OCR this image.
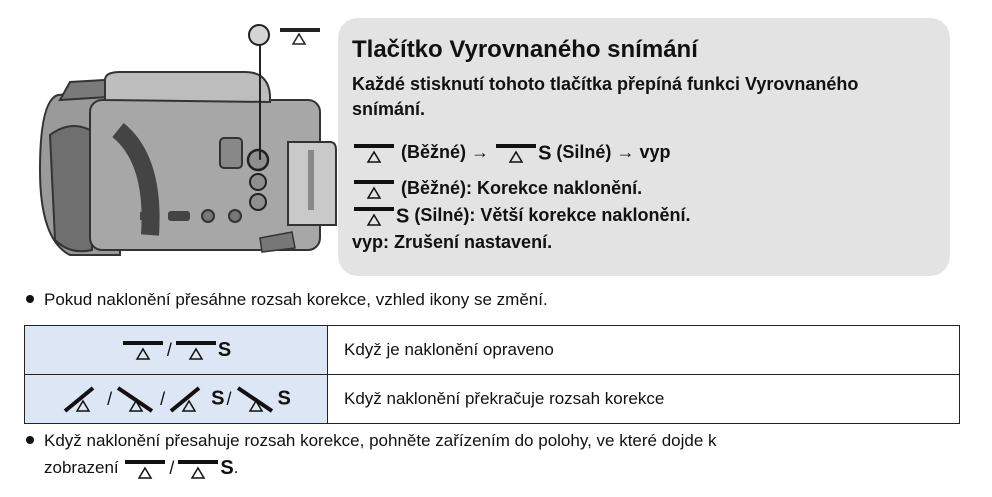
Tlačítko Vyrovnaného snímání
Každé stisknutí tohoto tlačítka přepíná funkci Vyrovnaného snímání.
(Běžné) → S (Silné) → vyp
(Běžné): Korekce naklonění.
S (Silné): Větší korekce naklonění.
vyp: Zrušení nastavení.
Pokud naklonění přesáhne rozsah korekce, vzhled ikony se změní.
/ S	Když je naklonění opraveno
/ / S / S	Když naklonění překračuje rozsah korekce
Když naklonění přesahuje rozsah korekce, pohněte zařízením do polohy, ve které dojde k
zobrazení	/ S.
